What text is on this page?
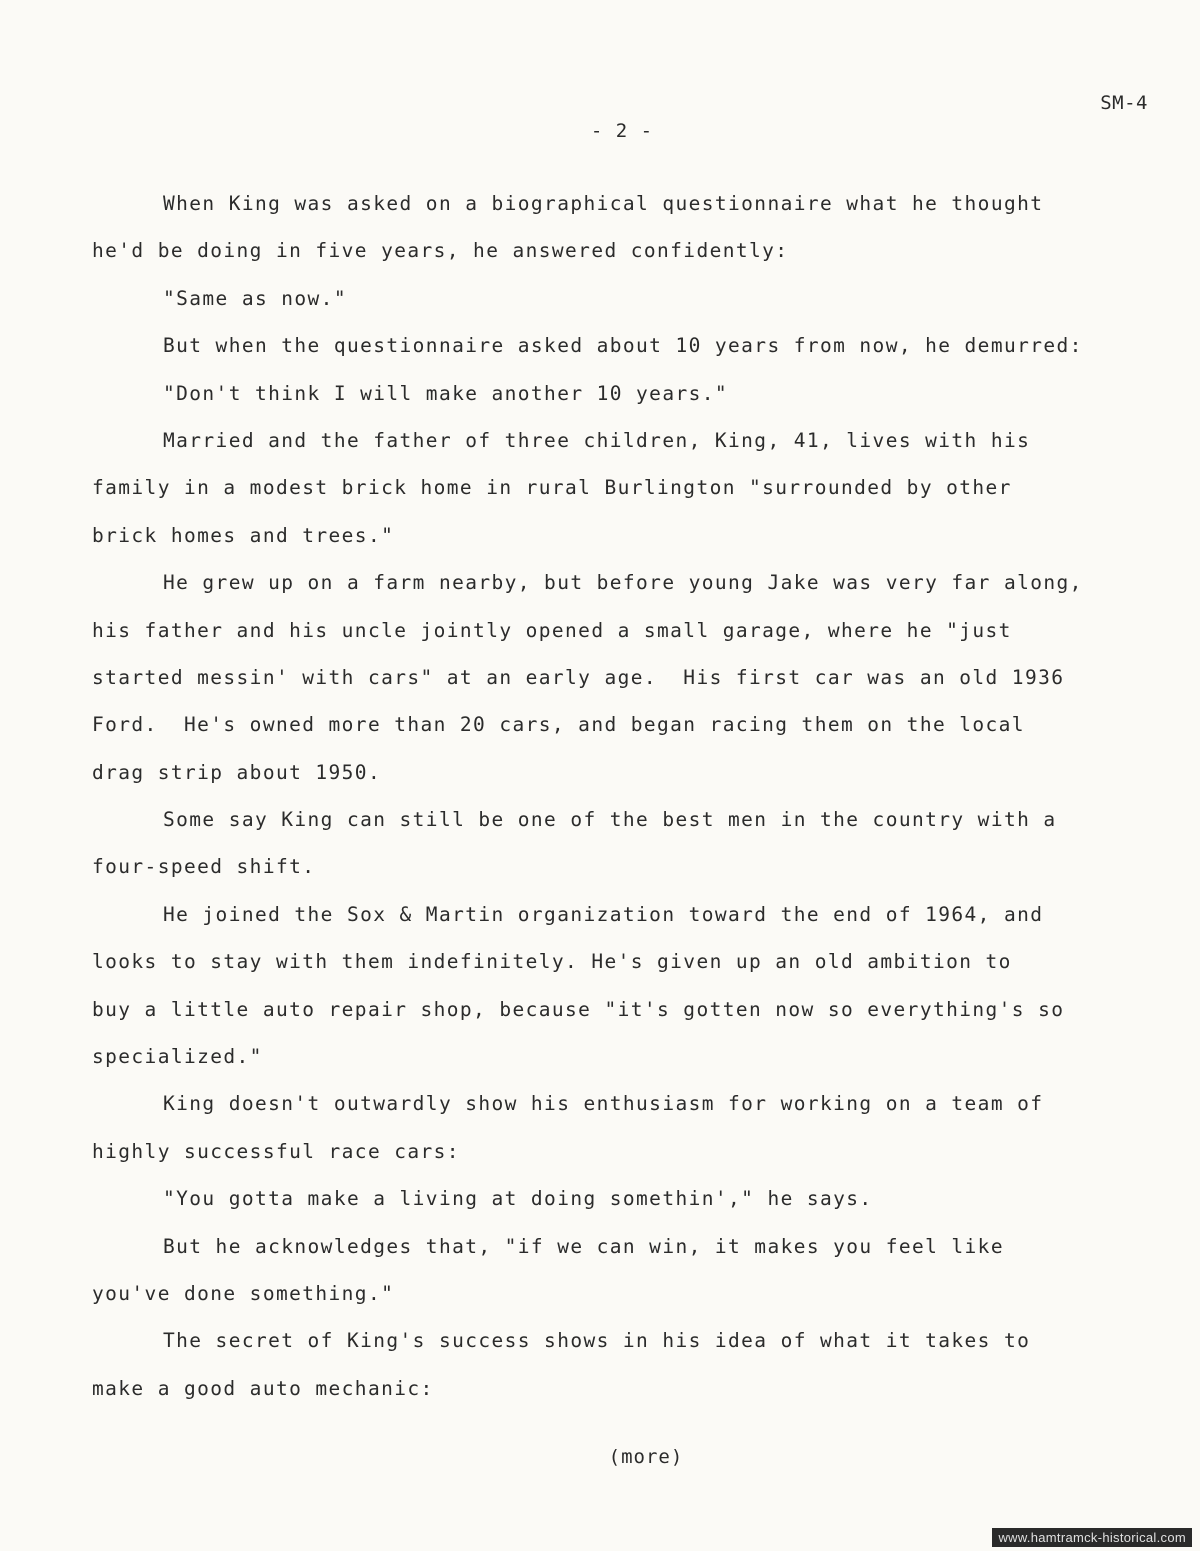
SM-4
- 2 -
When King was asked on a biographical questionnaire what he thought
he'd be doing in five years, he answered confidently:
"Same as now."
But when the questionnaire asked about 10 years from now, he demurred:
"Don't think I will make another 10 years."
Married and the father of three children, King, 41, lives with his
family in a modest brick home in rural Burlington "surrounded by other
brick homes and trees."
He grew up on a farm nearby, but before young Jake was very far along,
his father and his uncle jointly opened a small garage, where he "just
started messin' with cars" at an early age.  His first car was an old 1936
Ford.  He's owned more than 20 cars, and began racing them on the local
drag strip about 1950.
Some say King can still be one of the best men in the country with a
four-speed shift.
He joined the Sox & Martin organization toward the end of 1964, and
looks to stay with them indefinitely. He's given up an old ambition to
buy a little auto repair shop, because "it's gotten now so everything's so
specialized."
King doesn't outwardly show his enthusiasm for working on a team of
highly successful race cars:
"You gotta make a living at doing somethin'," he says.
But he acknowledges that, "if we can win, it makes you feel like
you've done something."
The secret of King's success shows in his idea of what it takes to
make a good auto mechanic:
(more)
www.hamtramck-historical.com
